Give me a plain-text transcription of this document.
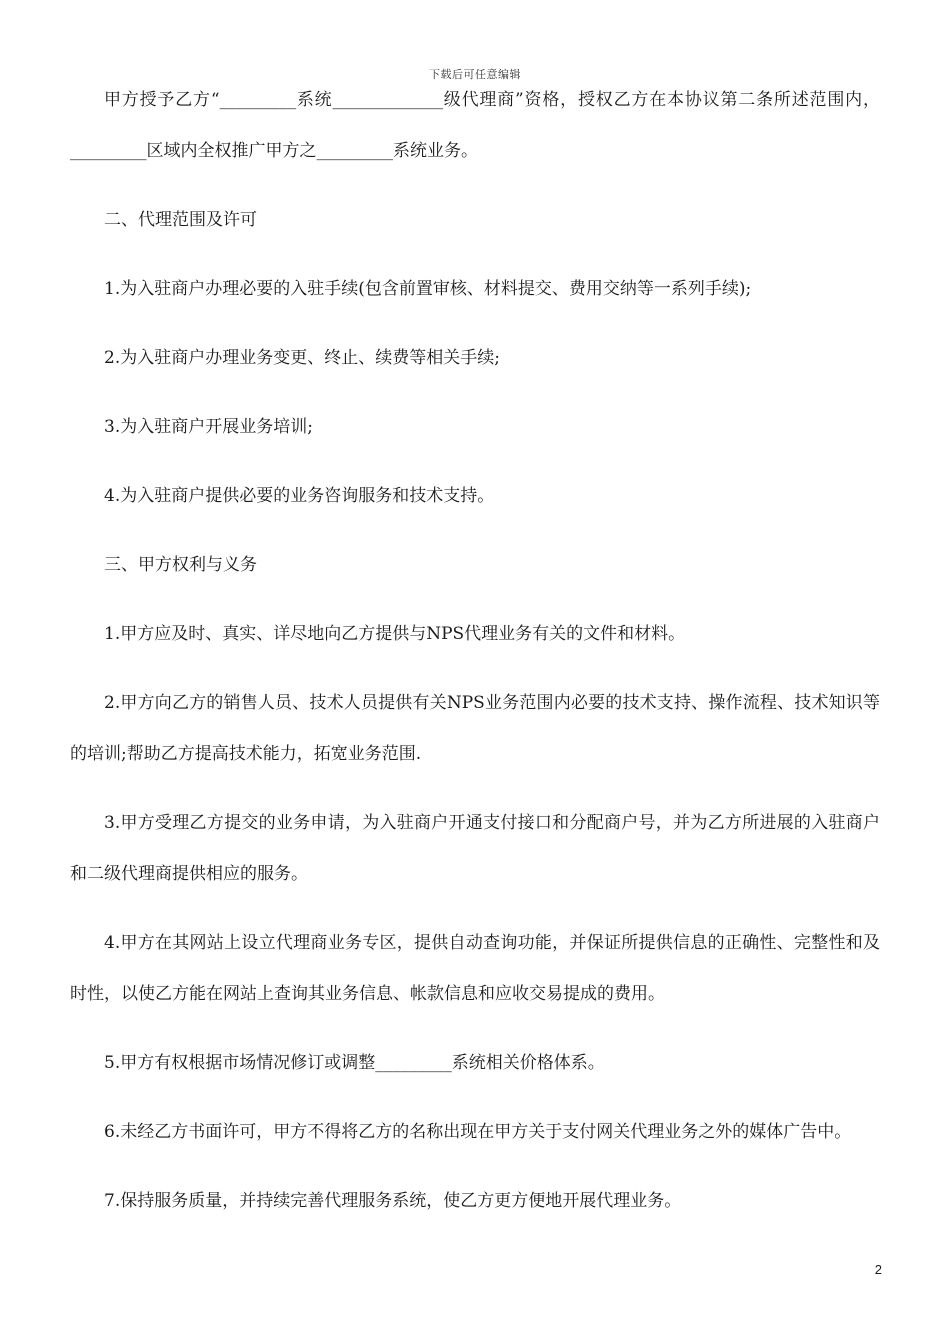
下载后可任意编辑

甲方授予乙方“_________系统_____________级代理商”资格，授权乙方在本协议第二条所述范围内，_________区域内全权推广甲方之_________系统业务。

二、代理范围及许可

1.为入驻商户办理必要的入驻手续(包含前置审核、材料提交、费用交纳等一系列手续);

2.为入驻商户办理业务变更、终止、续费等相关手续;

3.为入驻商户开展业务培训;

4.为入驻商户提供必要的业务咨询服务和技术支持。

三、甲方权利与义务

1.甲方应及时、真实、详尽地向乙方提供与NPS代理业务有关的文件和材料。

2.甲方向乙方的销售人员、技术人员提供有关NPS业务范围内必要的技术支持、操作流程、技术知识等的培训;帮助乙方提高技术能力，拓宽业务范围.

3.甲方受理乙方提交的业务申请，为入驻商户开通支付接口和分配商户号，并为乙方所进展的入驻商户和二级代理商提供相应的服务。

4.甲方在其网站上设立代理商业务专区，提供自动查询功能，并保证所提供信息的正确性、完整性和及时性，以使乙方能在网站上查询其业务信息、帐款信息和应收交易提成的费用。

5.甲方有权根据市场情况修订或调整_________系统相关价格体系。

6.未经乙方书面许可，甲方不得将乙方的名称出现在甲方关于支付网关代理业务之外的媒体广告中。

7.保持服务质量，并持续完善代理服务系统，使乙方更方便地开展代理业务。

2
